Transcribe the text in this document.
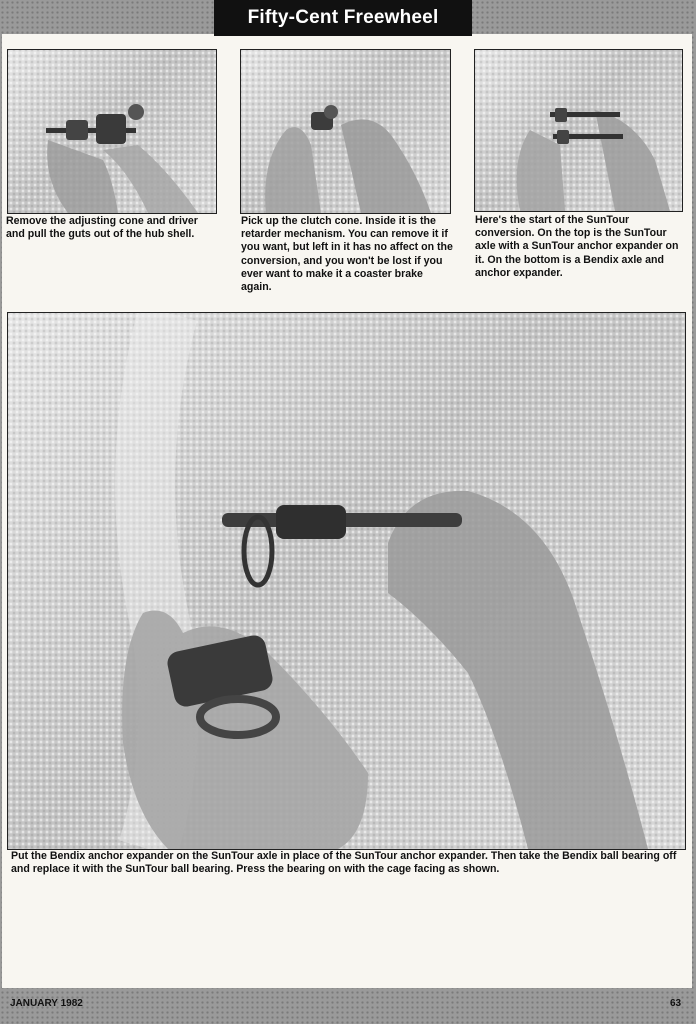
Fifty-Cent Freewheel
Remove the adjusting cone and driver and pull the guts out of the hub shell.
Pick up the clutch cone. Inside it is the retarder mechanism. You can remove it if you want, but left in it has no affect on the conversion, and you won't be lost if you ever want to make it a coaster brake again.
Here's the start of the SunTour conversion. On the top is the SunTour axle with a SunTour anchor expander on it. On the bottom is a Bendix axle and anchor expander.
Put the Bendix anchor expander on the SunTour axle in place of the SunTour anchor expander. Then take the Bendix ball bearing off and replace it with the SunTour ball bearing. Press the bearing on with the cage facing as shown.
JANUARY 1982	63
